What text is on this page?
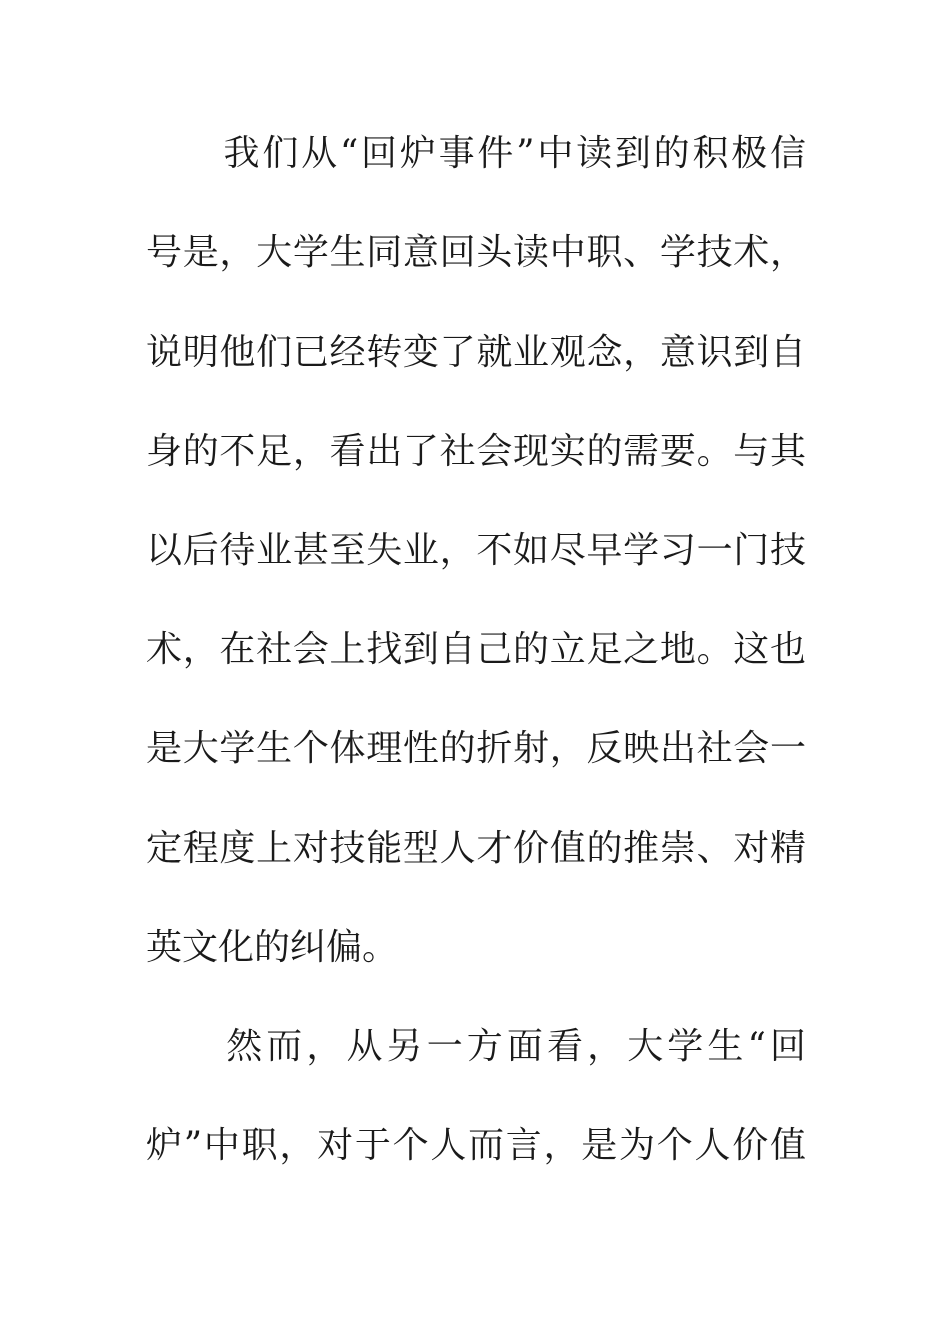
　　我们从“回炉事件”中读到的积极信
号是，大学生同意回头读中职、学技术，
说明他们已经转变了就业观念，意识到自
身的不足，看出了社会现实的需要。与其
以后待业甚至失业，不如尽早学习一门技
术，在社会上找到自己的立足之地。这也
是大学生个体理性的折射，反映出社会一
定程度上对技能型人才价值的推崇、对精
英文化的纠偏。
　　然而，从另一方面看，大学生“回
炉”中职，对于个人而言，是为个人价值
